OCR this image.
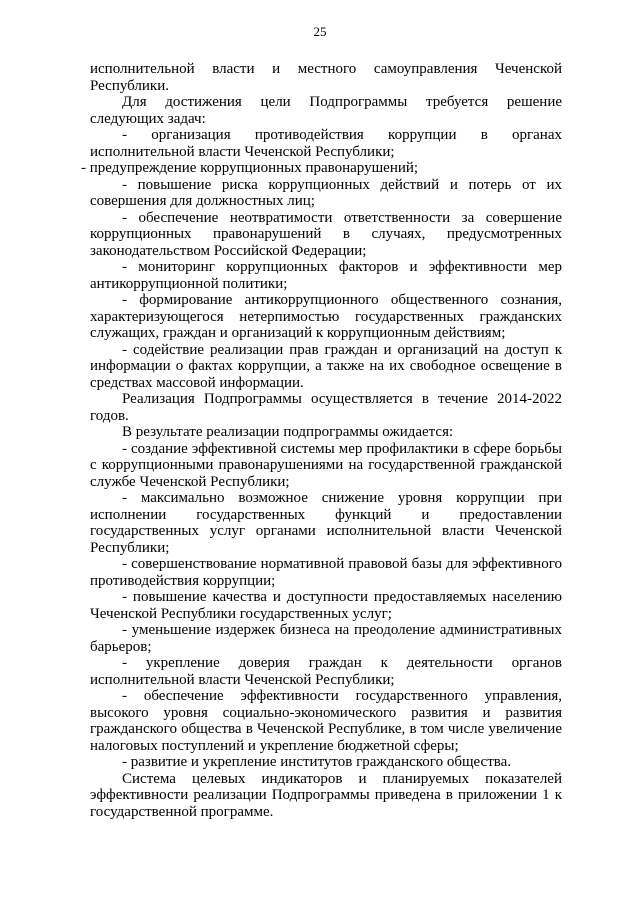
25

исполнительной власти и местного самоуправления Чеченской Республики.

Для достижения цели Подпрограммы требуется решение следующих задач:

- организация противодействия коррупции в органах исполнительной власти Чеченской Республики;

- предупреждение коррупционных правонарушений;

- повышение риска коррупционных действий и потерь от их совершения для должностных лиц;

- обеспечение неотвратимости ответственности за совершение коррупционных правонарушений в случаях, предусмотренных законодательством Российской Федерации;

- мониторинг коррупционных факторов и эффективности мер антикоррупционной политики;

- формирование антикоррупционного общественного сознания, характеризующегося нетерпимостью государственных гражданских служащих, граждан и организаций к коррупционным действиям;

- содействие реализации прав граждан и организаций на доступ к информации о фактах коррупции, а также на их свободное освещение в средствах массовой информации.

Реализация Подпрограммы осуществляется в течение 2014-2022 годов.

В результате реализации подпрограммы ожидается:

- создание эффективной системы мер профилактики в сфере борьбы с коррупционными правонарушениями на государственной гражданской службе Чеченской Республики;

- максимально возможное снижение уровня коррупции при исполнении государственных функций и предоставлении государственных услуг органами исполнительной власти Чеченской Республики;

- совершенствование нормативной правовой базы для эффективного противодействия коррупции;

- повышение качества и доступности предоставляемых населению Чеченской Республики государственных услуг;

- уменьшение издержек бизнеса на преодоление административных барьеров;

- укрепление доверия граждан к деятельности органов исполнительной власти Чеченской Республики;

- обеспечение эффективности государственного управления, высокого уровня социально-экономического развития и развития гражданского общества в Чеченской Республике, в том числе увеличение налоговых поступлений и укрепление бюджетной сферы;

- развитие и укрепление институтов гражданского общества.

Система целевых индикаторов и планируемых показателей эффективности реализации Подпрограммы приведена в приложении 1 к государственной программе.
